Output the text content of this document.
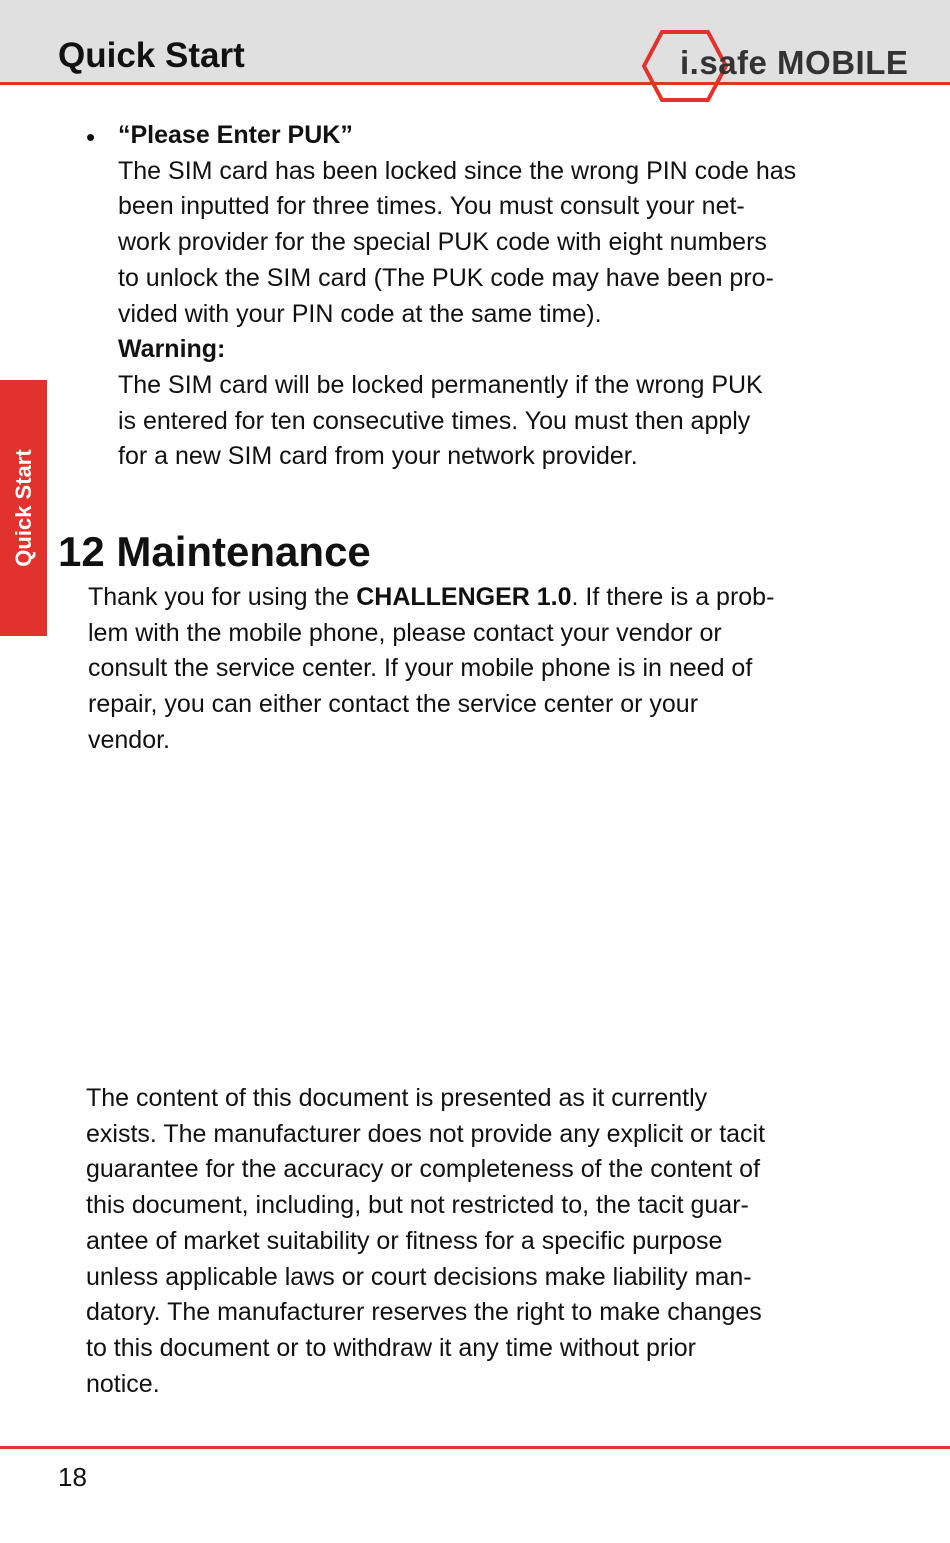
Quick Start	i.safe MOBILE
Quick Start
• “Please Enter PUK”
The SIM card has been locked since the wrong PIN code has
been inputted for three times. You must consult your net-
work provider for the special PUK code with eight numbers
to unlock the SIM card (The PUK code may have been pro-
vided with your PIN code at the same time).
Warning:
The SIM card will be locked permanently if the wrong PUK
is entered for ten consecutive times. You must then apply
for a new SIM card from your network provider.
12 Maintenance
Thank you for using the CHALLENGER 1.0. If there is a prob-
lem with the mobile phone, please contact your vendor or
consult the service center. If your mobile phone is in need of
repair, you can either contact the service center or your
vendor.
The content of this document is presented as it currently
exists. The manufacturer does not provide any explicit or tacit
guarantee for the accuracy or completeness of the content of
this document, including, but not restricted to, the tacit guar-
antee of market suitability or fitness for a specific purpose
unless applicable laws or court decisions make liability man-
datory. The manufacturer reserves the right to make changes
to this document or to withdraw it any time without prior
notice.
18
